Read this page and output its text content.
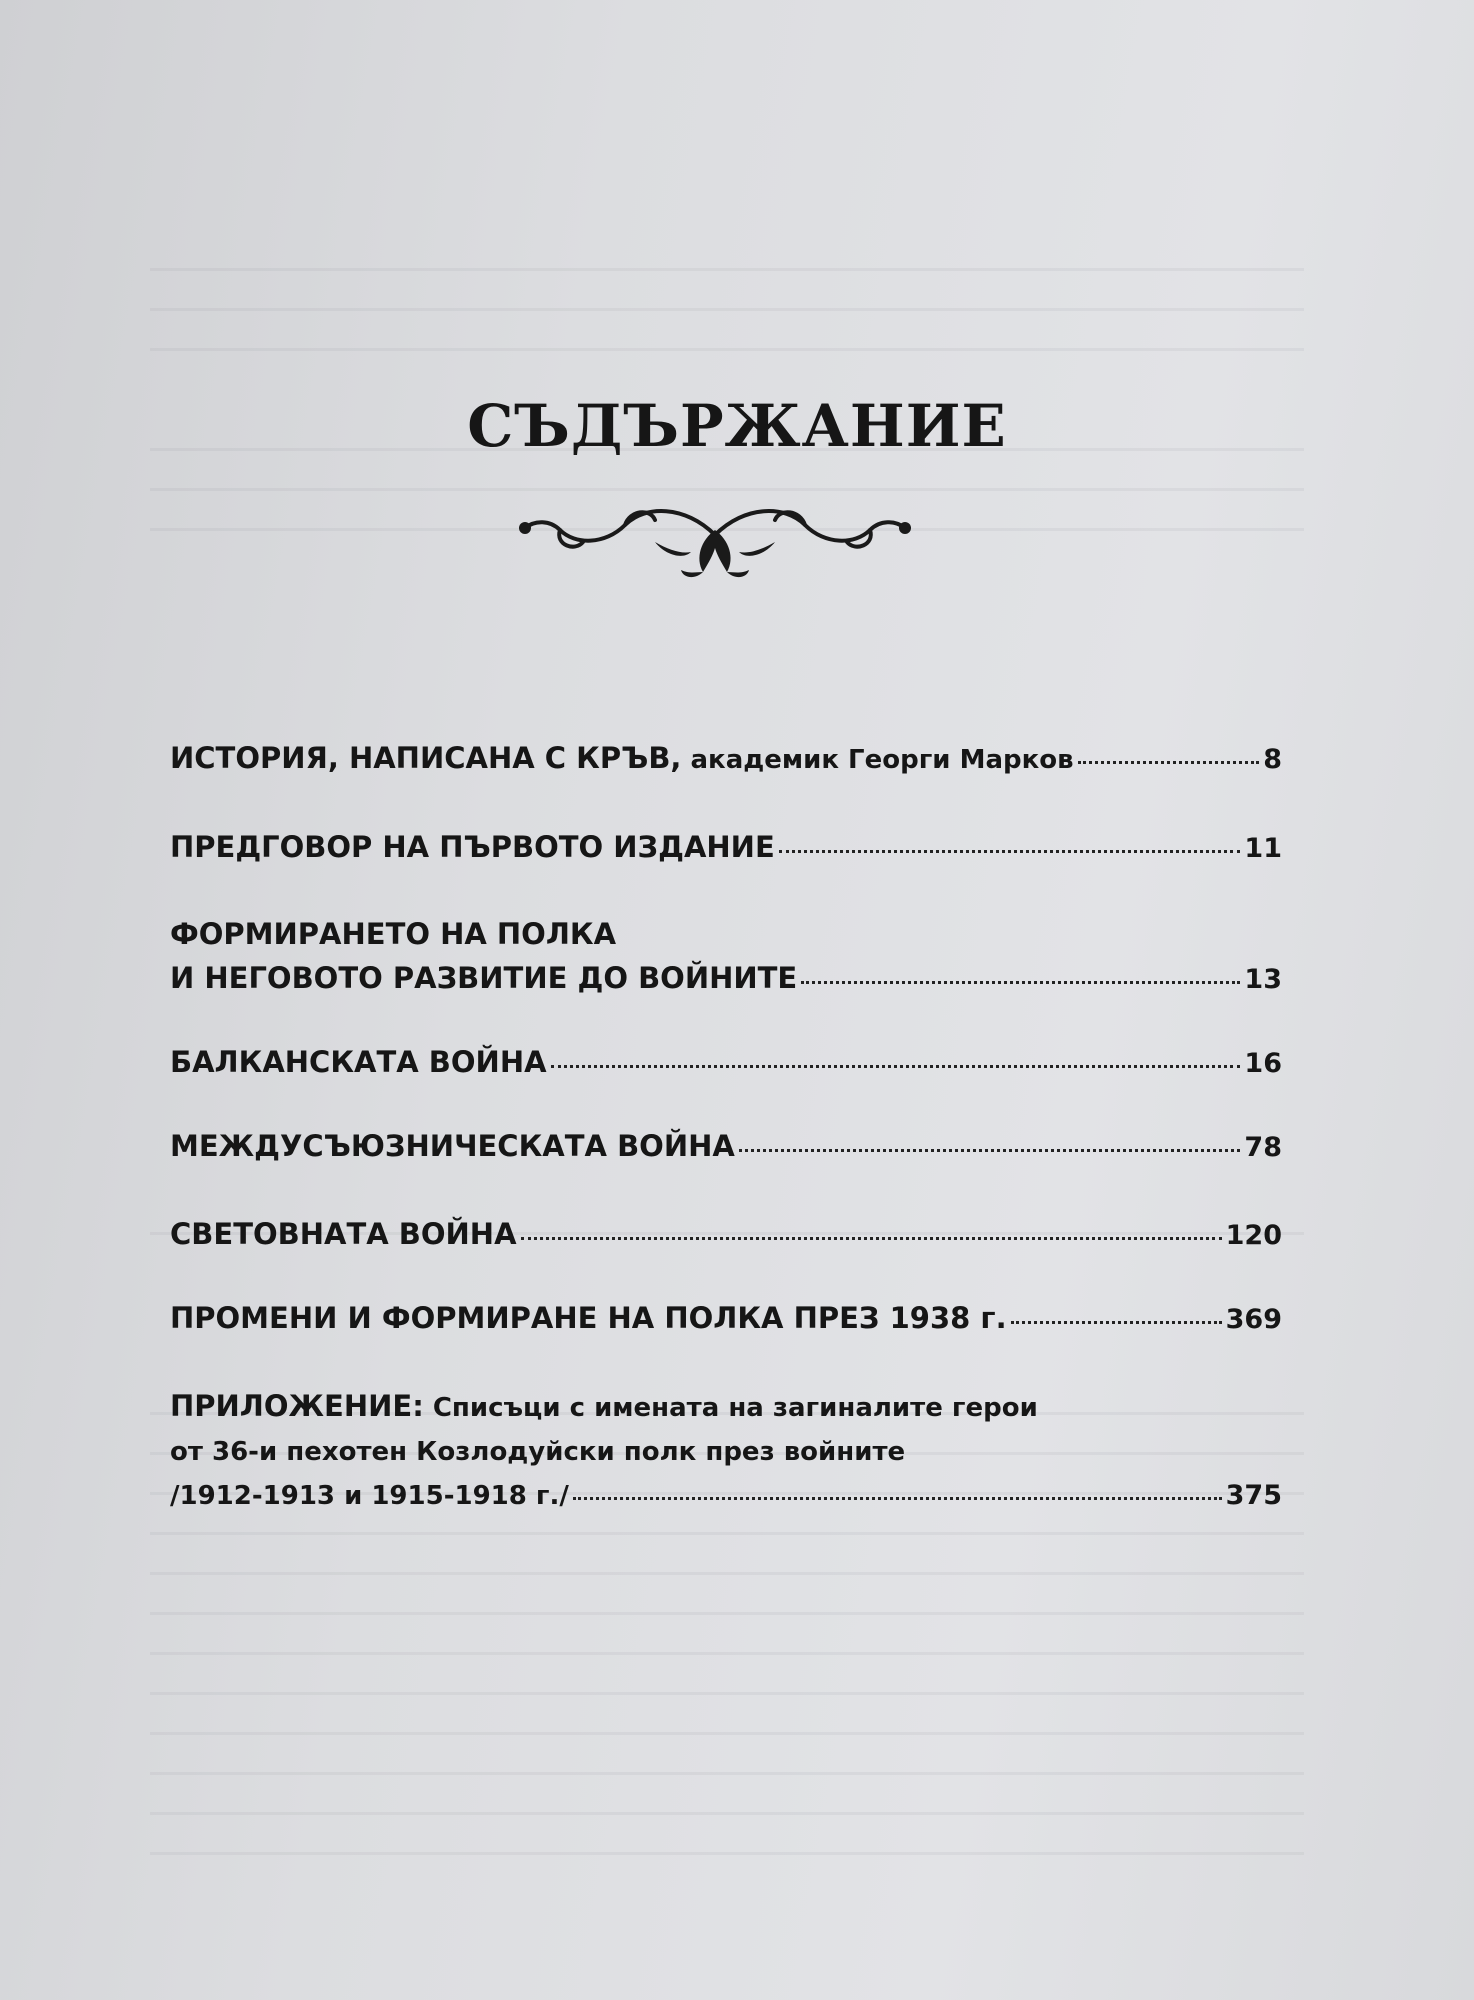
СЪДЪРЖАНИЕ
ИСТОРИЯ, НАПИСАНА С КРЪВ, академик Георги Марков	8
ПРЕДГОВОР НА ПЪРВОТО ИЗДАНИЕ	11
ФОРМИРАНЕТО НА ПОЛКА
И НЕГОВОТО РАЗВИТИЕ ДО ВОЙНИТЕ	13
БАЛКАНСКАТА ВОЙНА	16
МЕЖДУСЪЮЗНИЧЕСКАТА ВОЙНА	78
СВЕТОВНАТА ВОЙНА	120
ПРОМЕНИ И ФОРМИРАНЕ НА ПОЛКА ПРЕЗ 1938 г.	369
ПРИЛОЖЕНИЕ: Списъци с имената на загиналите герои
от 36-и пехотен Козлодуйски полк през войните
/1912-1913 и 1915-1918 г./	375
